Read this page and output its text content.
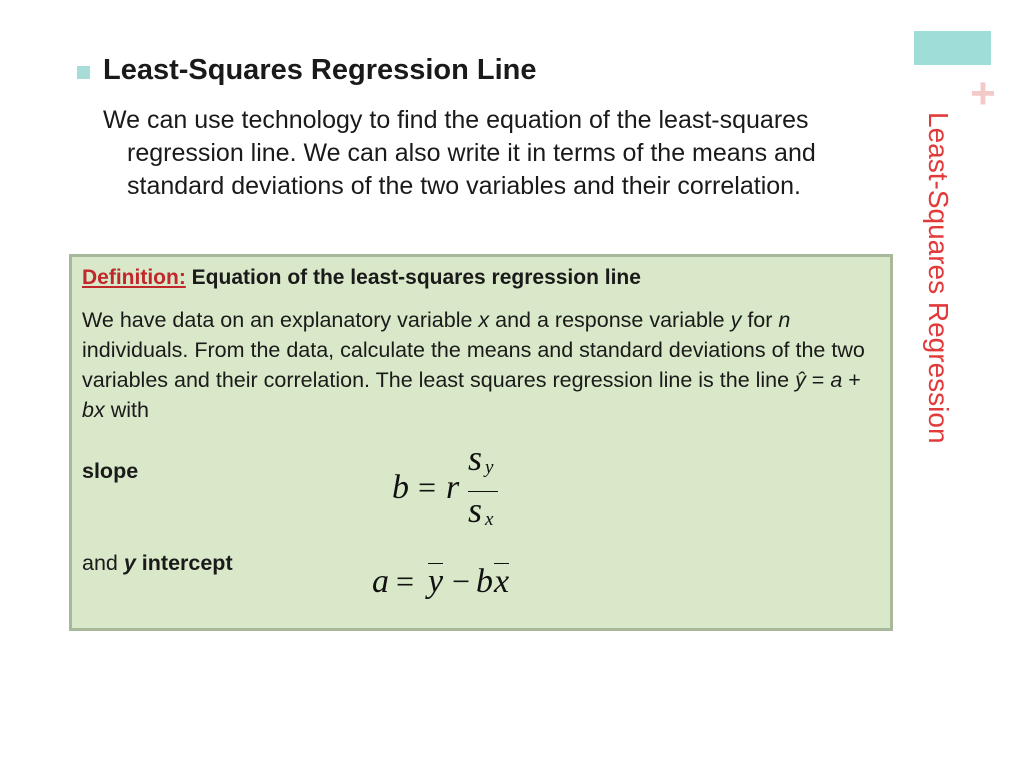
+
Least-Squares Regression
Least-Squares Regression Line
We can use technology to find the equation of the least-squares regression line. We can also write it in terms of the means and standard deviations of the two variables and their correlation.
Definition: Equation of the least-squares regression line
We have data on an explanatory variable x and a response variable y for n individuals. From the data, calculate the means and standard deviations of the two variables and their correlation. The least squares regression line is the line ŷ = a + bx with
slope
and y intercept
b = r
s y
s x
a = y − b x
